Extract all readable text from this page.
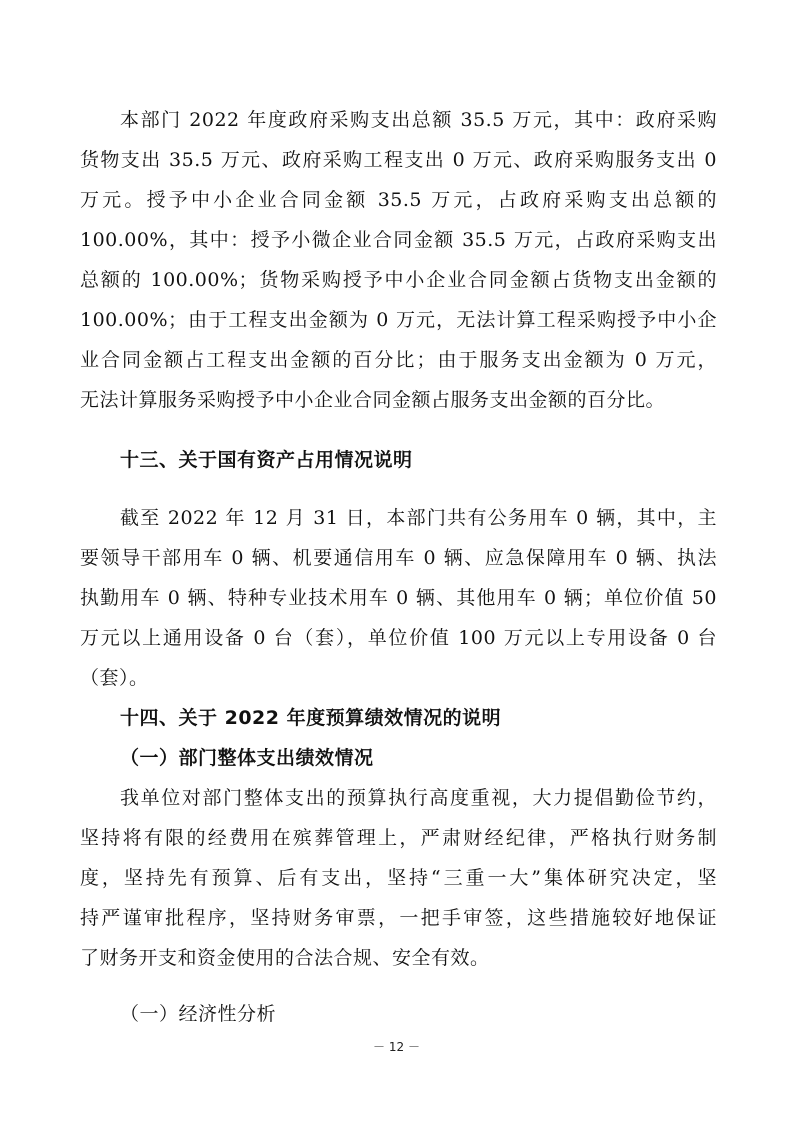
本部门 2022 年度政府采购支出总额 35.5 万元，其中：政府采购
货物支出 35.5 万元、政府采购工程支出 0 万元、政府采购服务支出 0
万元。授予中小企业合同金额 35.5 万元，占政府采购支出总额的
100.00%，其中：授予小微企业合同金额 35.5 万元，占政府采购支出
总额的 100.00%；货物采购授予中小企业合同金额占货物支出金额的
100.00%；由于工程支出金额为 0 万元，无法计算工程采购授予中小企
业合同金额占工程支出金额的百分比；由于服务支出金额为 0 万元，
无法计算服务采购授予中小企业合同金额占服务支出金额的百分比。
十三、关于国有资产占用情况说明
截至 2022 年 12 月 31 日，本部门共有公务用车 0 辆，其中，主
要领导干部用车 0 辆、机要通信用车 0 辆、应急保障用车 0 辆、执法
执勤用车 0 辆、特种专业技术用车 0 辆、其他用车 0 辆；单位价值 50
万元以上通用设备 0 台（套），单位价值 100 万元以上专用设备 0 台
（套）。
十四、关于 2022 年度预算绩效情况的说明
（一）部门整体支出绩效情况
我单位对部门整体支出的预算执行高度重视，大力提倡勤俭节约，
坚持将有限的经费用在殡葬管理上，严肃财经纪律，严格执行财务制
度，坚持先有预算、后有支出，坚持“三重一大”集体研究决定，坚
持严谨审批程序，坚持财务审票，一把手审签，这些措施较好地保证
了财务开支和资金使用的合法合规、安全有效。
（一）经济性分析
－ 12 －
